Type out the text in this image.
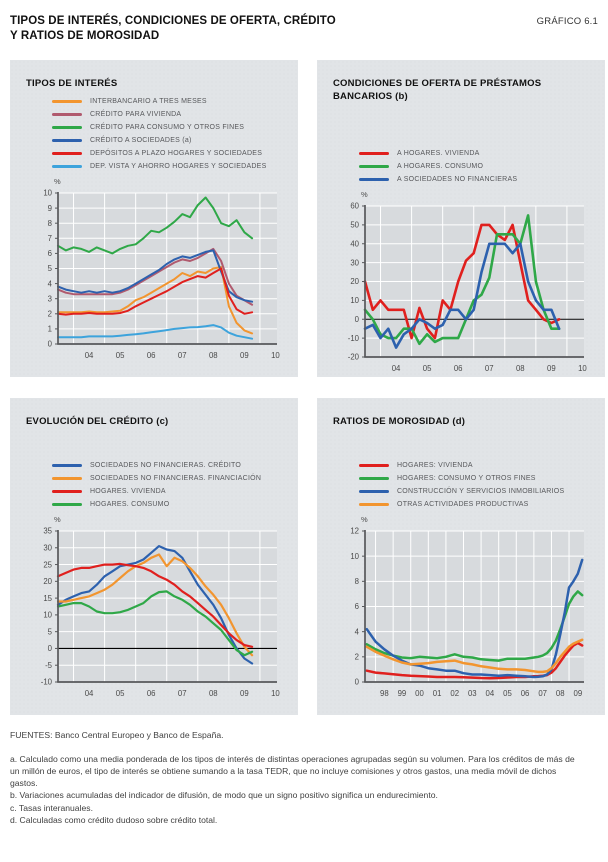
TIPOS DE INTERÉS, CONDICIONES DE OFERTA, CRÉDITO
Y RATIOS DE MOROSIDAD
GRÁFICO 6.1
TIPOS DE INTERÉS
INTERBANCARIO A TRES MESES
CRÉDITO PARA VIVIENDA
CRÉDITO PARA CONSUMO Y OTROS FINES
CRÉDITO A SOCIEDADES (a)
DEPÓSITOS A PLAZO HOGARES Y SOCIEDADES
DEP. VISTA Y AHORRO HOGARES Y SOCIEDADES
%
0
1
2
3
4
5
6
7
8
9
10
04	05	06	07	08	09	10
CONDICIONES DE OFERTA DE PRÉSTAMOS BANCARIOS (b)
A HOGARES. VIVIENDA
A HOGARES. CONSUMO
A SOCIEDADES NO FINANCIERAS
%
-20
-10
0
10
20
30
40
50
60
04	05	06	07	08	09	10
EVOLUCIÓN DEL CRÉDITO (c)
SOCIEDADES NO FINANCIERAS. CRÉDITO
SOCIEDADES NO FINANCIERAS. FINANCIACIÓN
HOGARES. VIVIENDA
HOGARES. CONSUMO
%
-10
-5
0
5
10
15
20
25
30
35
04	05	06	07	08	09	10
RATIOS DE MOROSIDAD (d)
HOGARES: VIVIENDA
HOGARES: CONSUMO Y OTROS FINES
CONSTRUCCIÓN Y SERVICIOS INMOBILIARIOS
OTRAS ACTIVIDADES PRODUCTIVAS
%
0
2
4
6
8
10
12
98 99 00 01 02 03 04 05 06 07 08 09

FUENTES: Banco Central Europeo y Banco de España.

a. Calculado como una media ponderada de los tipos de interés de distintas operaciones agrupadas según su volumen. Para los créditos de más de un millón de euros, el tipo de interés se obtiene sumando a la tasa TEDR, que no incluye comisiones y otros gastos, una media móvil de dichos gastos.

b. Variaciones acumuladas del indicador de difusión, de modo que un signo positivo significa un endurecimiento.

c. Tasas interanuales.

d. Calculadas como crédito dudoso sobre crédito total.
